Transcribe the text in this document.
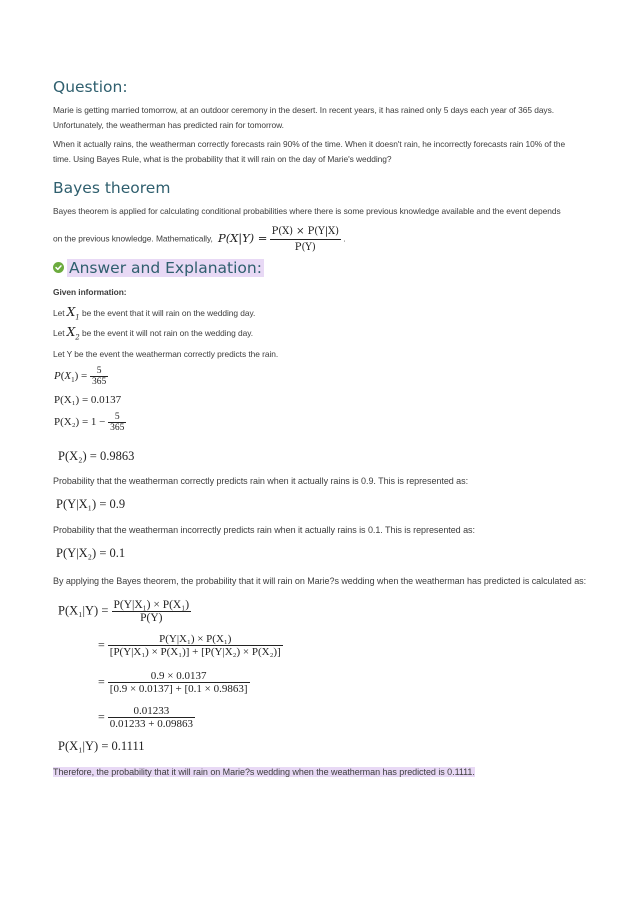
Question:
Marie is getting married tomorrow, at an outdoor ceremony in the desert. In recent years, it has rained only 5 days each year of 365 days. Unfortunately, the weatherman has predicted rain for tomorrow.
When it actually rains, the weatherman correctly forecasts rain 90% of the time. When it doesn't rain, he incorrectly forecasts rain 10% of the time. Using Bayes Rule, what is the probability that it will rain on the day of Marie's wedding?
Bayes theorem
Bayes theorem is applied for calculating conditional probabilities where there is some previous knowledge available and the event depends
on the previous knowledge. Mathematically, $P(X|Y) = \frac{P(X) \times P(Y|X)}{P(Y)}$ .
Answer and Explanation:
Given information:
Let $X_1$ be the event that it will rain on the wedding day.
Let $X_2$ be the event it will not rain on the wedding day.
Let Y be the event the weatherman correctly predicts the rain.
$P(X_1) = \frac{5}{365}$
P(X₁) = 0.0137
$P(X_2) = 1 - \frac{5}{365}$
P(X₂) = 0.9863
Probability that the weatherman correctly predicts rain when it actually rains is 0.9. This is represented as:
P(Y|X₁) = 0.9
Probability that the weatherman incorrectly predicts rain when it actually rains is 0.1. This is represented as:
P(Y|X₂) = 0.1
By applying the Bayes theorem, the probability that it will rain on Marie?s wedding when the weatherman has predicted is calculated as:
$P(X_1|Y) = \frac{\text{P(Y|X₁) × P(X₁)}}{P(Y)}$
= $\frac{\text{P(Y|X₁) × P(X₁)}}{\text{[P(Y|X₁) × P(X₁)] + [P(Y|X₂) × P(X₂)]}}$
= $\frac{0.9 \times 0.0137}{[0.9 \times 0.0137] + [0.1 \times 0.9863]}$
= $\frac{0.01233}{0.01233 + 0.09863}$
P(X₁|Y) = 0.1111
Therefore, the probability that it will rain on Marie?s wedding when the weatherman has predicted is 0.1111.
